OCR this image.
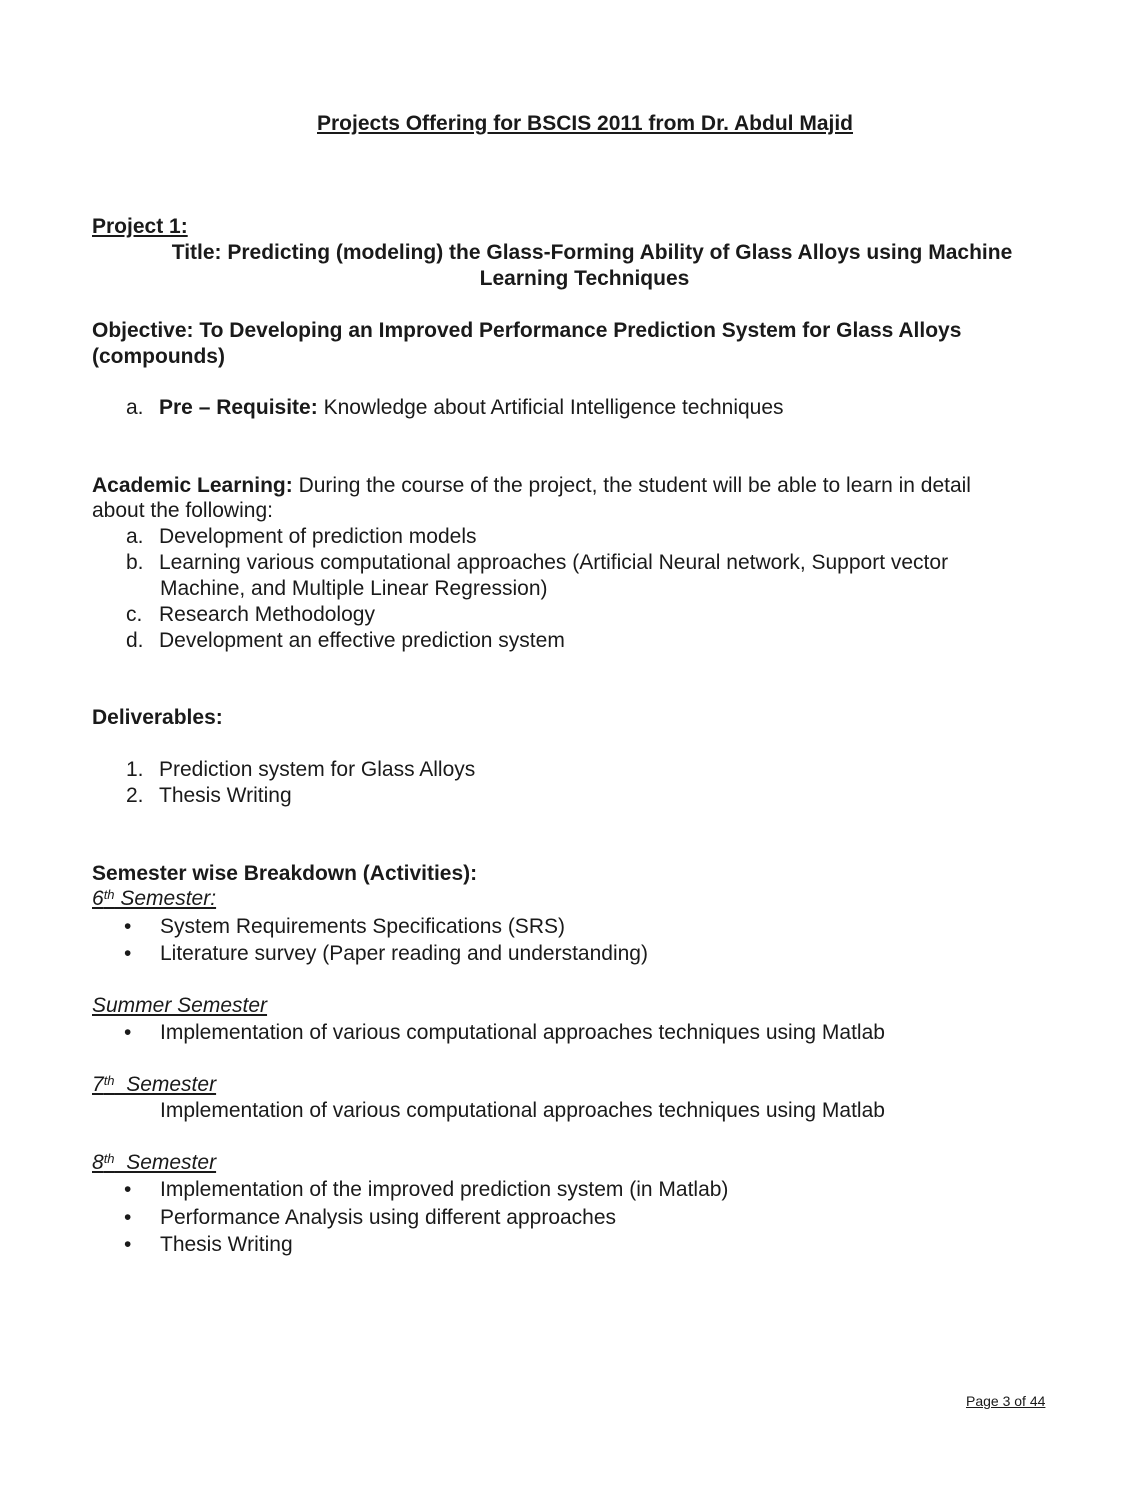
Projects Offering for BSCIS 2011 from Dr. Abdul Majid
Project 1:
Title: Predicting (modeling) the Glass-Forming Ability of Glass Alloys using Machine
Learning Techniques
Objective: To Developing an Improved Performance Prediction System for Glass Alloys
(compounds)
a. Pre – Requisite: Knowledge about Artificial Intelligence techniques
Academic Learning: During the course of the project, the student will be able to learn in detail
about the following:
a. Development of prediction models
b. Learning various computational approaches (Artificial Neural network, Support vector
Machine, and Multiple Linear Regression)
c. Research Methodology
d. Development an effective prediction system
Deliverables:
1. Prediction system for Glass Alloys
2. Thesis Writing
Semester wise Breakdown (Activities):
6th Semester:
• System Requirements Specifications (SRS)
• Literature survey (Paper reading and understanding)
Summer Semester
• Implementation of various computational approaches techniques using Matlab
7th  Semester
Implementation of various computational approaches techniques using Matlab
8th  Semester
• Implementation of the improved prediction system (in Matlab)
• Performance Analysis using different approaches
• Thesis Writing
Page 3 of 44
